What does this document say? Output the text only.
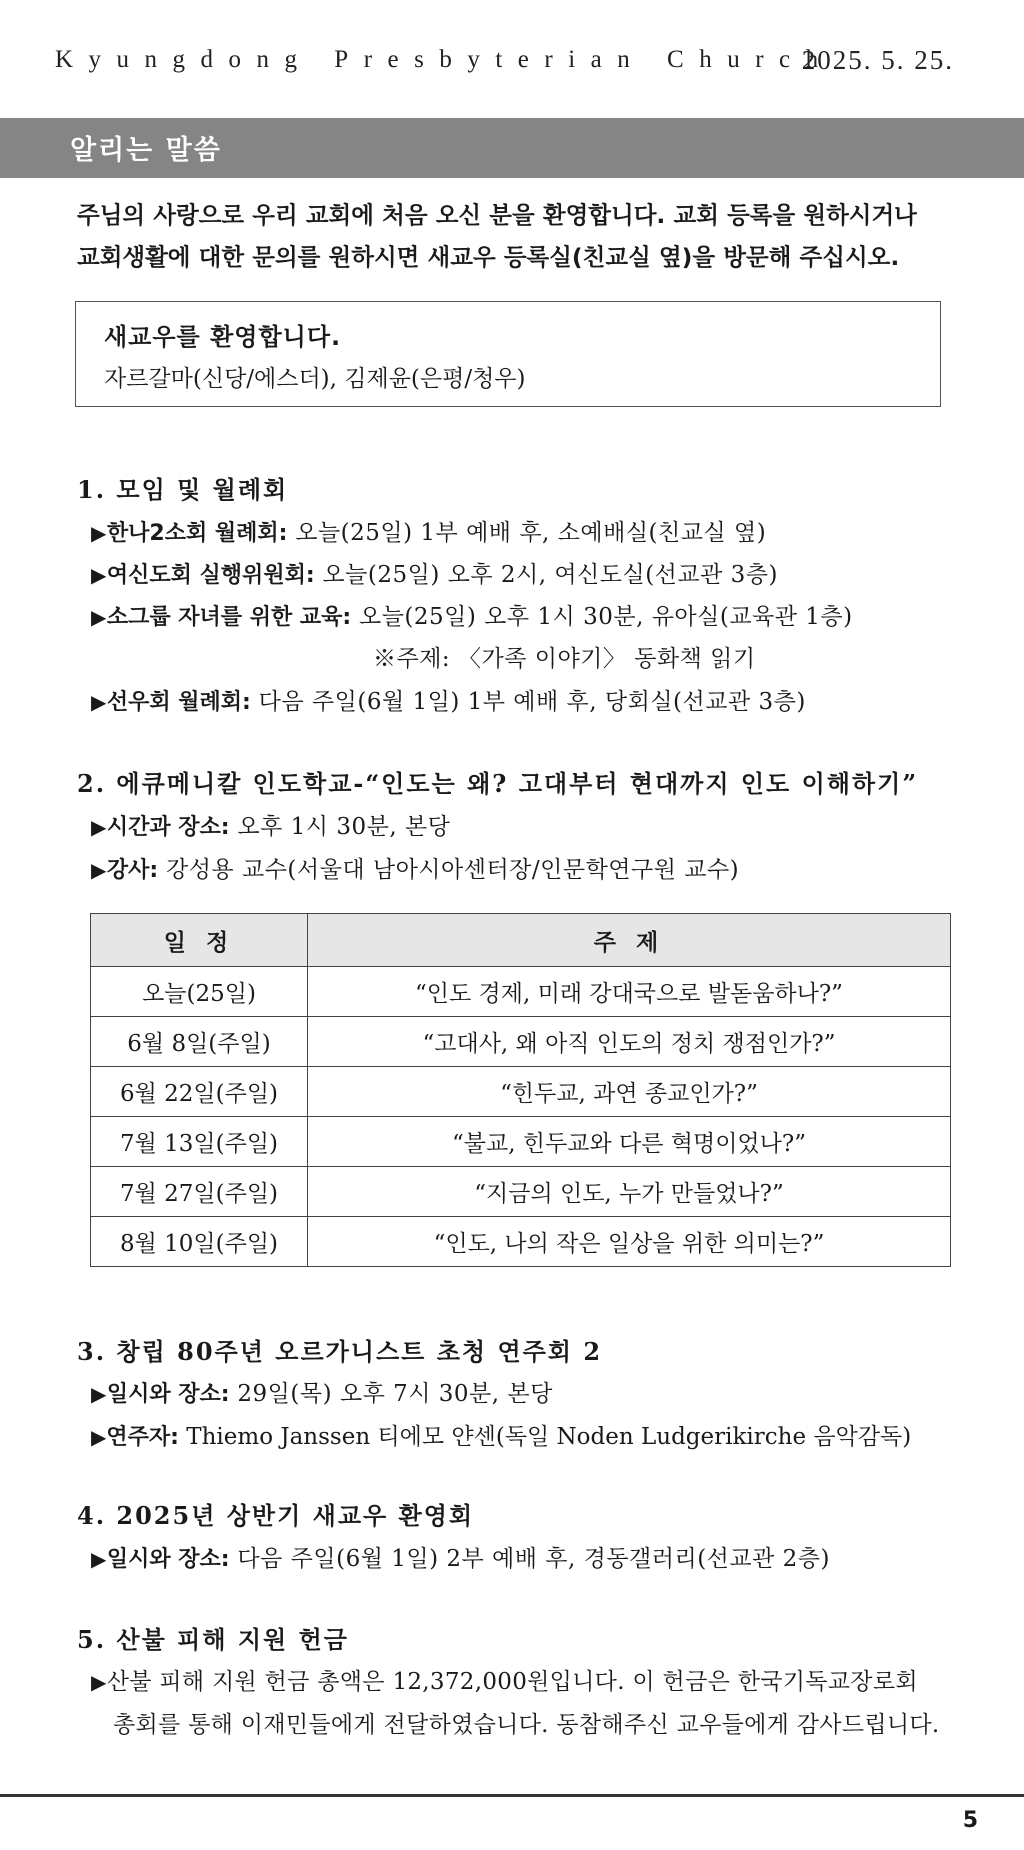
Kyungdong Presbyterian Church
2025. 5. 25.
알리는 말씀
주님의 사랑으로 우리 교회에 처음 오신 분을 환영합니다. 교회 등록을 원하시거나
교회생활에 대한 문의를 원하시면 새교우 등록실(친교실 옆)을 방문해 주십시오.
새교우를 환영합니다.
자르갈마(신당/에스더), 김제윤(은평/청우)
1. 모임 및 월례회
▶한나2소회 월례회: 오늘(25일) 1부 예배 후, 소예배실(친교실 옆)
▶여신도회 실행위원회: 오늘(25일) 오후 2시, 여신도실(선교관 3층)
▶소그룹 자녀를 위한 교육: 오늘(25일) 오후 1시 30분, 유아실(교육관 1층)
※주제: 〈가족 이야기〉 동화책 읽기
▶선우회 월례회: 다음 주일(6월 1일) 1부 예배 후, 당회실(선교관 3층)
2. 에큐메니칼 인도학교-“인도는 왜? 고대부터 현대까지 인도 이해하기”
▶시간과 장소: 오후 1시 30분, 본당
▶강사: 강성용 교수(서울대 남아시아센터장/인문학연구원 교수)
일 정	주 제
오늘(25일)	“인도 경제, 미래 강대국으로 발돋움하나?”
6월 8일(주일)	“고대사, 왜 아직 인도의 정치 쟁점인가?”
6월 22일(주일)	“힌두교, 과연 종교인가?”
7월 13일(주일)	“불교, 힌두교와 다른 혁명이었나?”
7월 27일(주일)	“지금의 인도, 누가 만들었나?”
8월 10일(주일)	“인도, 나의 작은 일상을 위한 의미는?”
3. 창립 80주년 오르가니스트 초청 연주회 2
▶일시와 장소: 29일(목) 오후 7시 30분, 본당
▶연주자: Thiemo Janssen 티에모 얀센(독일 Noden Ludgerikirche 음악감독)
4. 2025년 상반기 새교우 환영회
▶일시와 장소: 다음 주일(6월 1일) 2부 예배 후, 경동갤러리(선교관 2층)
5. 산불 피해 지원 헌금
▶산불 피해 지원 헌금 총액은 12,372,000원입니다. 이 헌금은 한국기독교장로회
총회를 통해 이재민들에게 전달하였습니다. 동참해주신 교우들에게 감사드립니다.
5
